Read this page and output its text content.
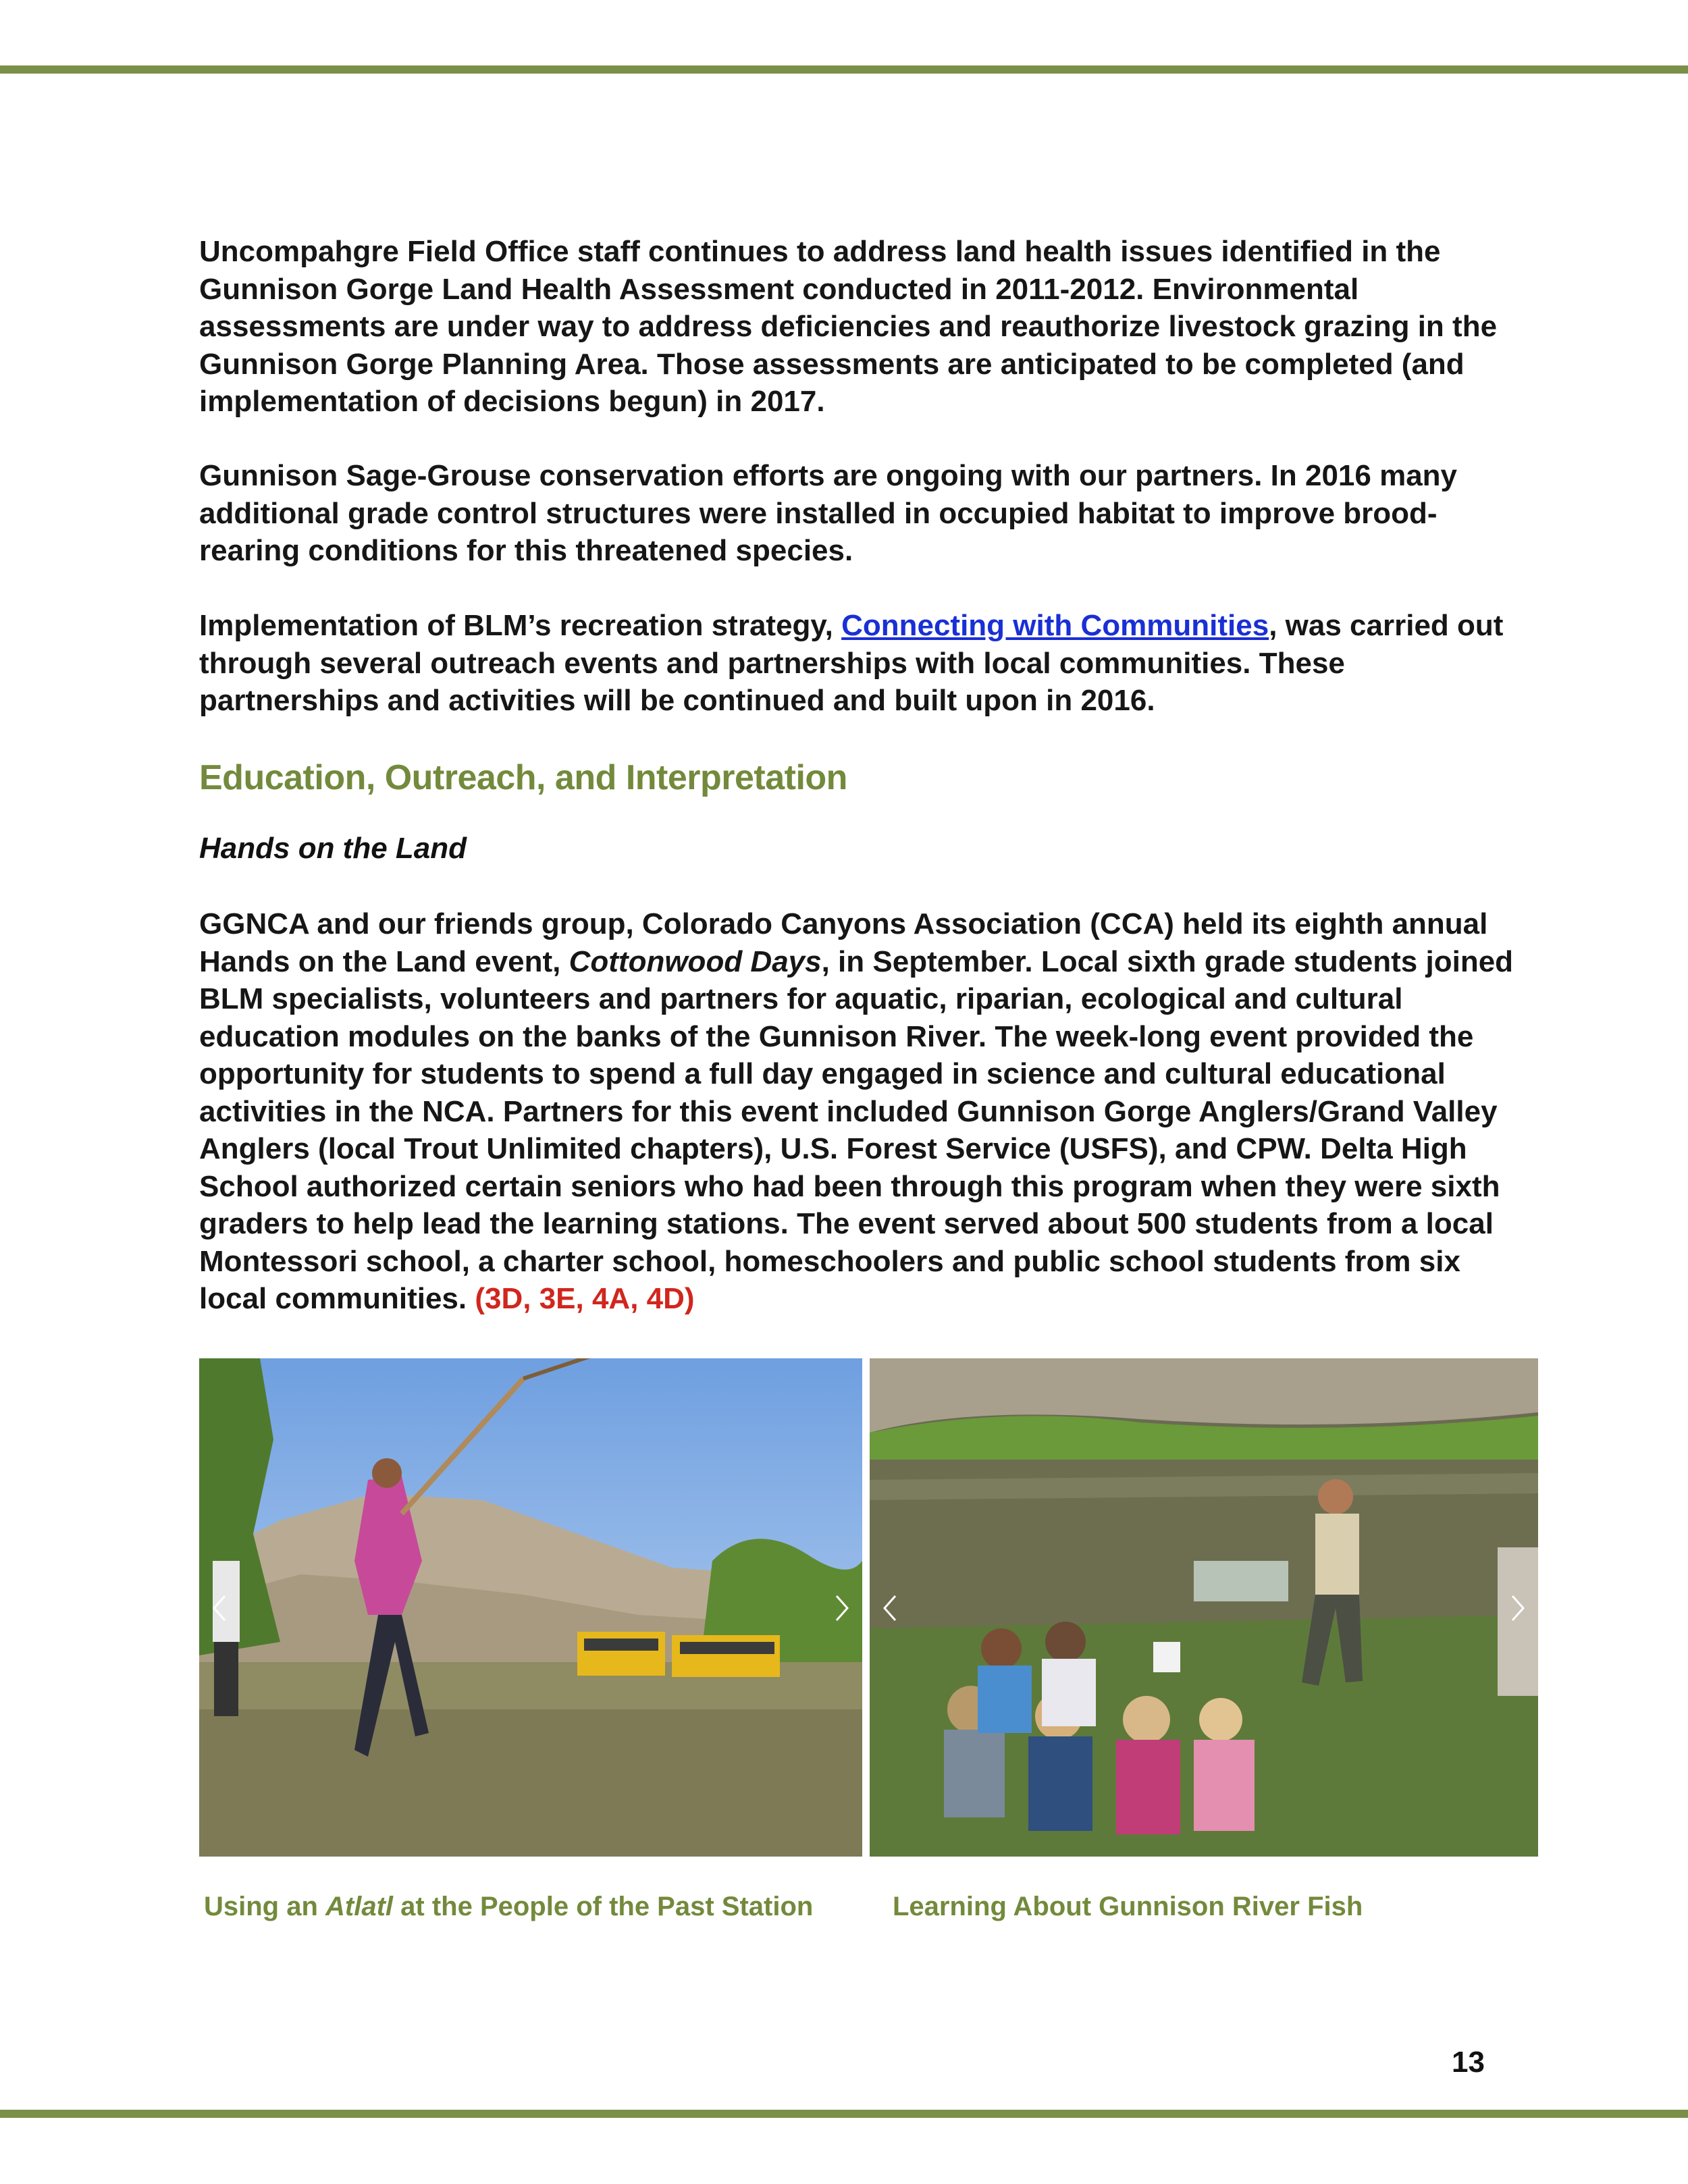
Uncompahgre Field Office staff continues to address land health issues identified in the Gunnison Gorge Land Health Assessment conducted in 2011-2012. Environmental assessments are under way to address deficiencies and reauthorize livestock grazing in the Gunnison Gorge Planning Area. Those assessments are anticipated to be completed (and implementation of decisions begun) in 2017.

Gunnison Sage-Grouse conservation efforts are ongoing with our partners. In 2016 many additional grade control structures were installed in occupied habitat to improve brood-rearing conditions for this threatened species.

Implementation of BLM’s recreation strategy, Connecting with Communities, was carried out through several outreach events and partnerships with local communities. These partnerships and activities will be continued and built upon in 2016.

Education, Outreach, and Interpretation
Hands on the Land

GGNCA and our friends group, Colorado Canyons Association (CCA) held its eighth annual Hands on the Land event, Cottonwood Days, in September. Local sixth grade students joined BLM specialists, volunteers and partners for aquatic, riparian, ecological and cultural education modules on the banks of the Gunnison River. The week-long event provided the opportunity for students to spend a full day engaged in science and cultural educational activities in the NCA. Partners for this event included Gunnison Gorge Anglers/Grand Valley Anglers (local Trout Unlimited chapters), U.S. Forest Service (USFS), and CPW. Delta High School authorized certain seniors who had been through this program when they were sixth graders to help lead the learning stations. The event served about 500 students from a local Montessori school, a charter school, homeschoolers and public school students from six local communities. (3D, 3E, 4A, 4D)

Using an Atlatl at the People of the Past Station	Learning About Gunnison River Fish

13
